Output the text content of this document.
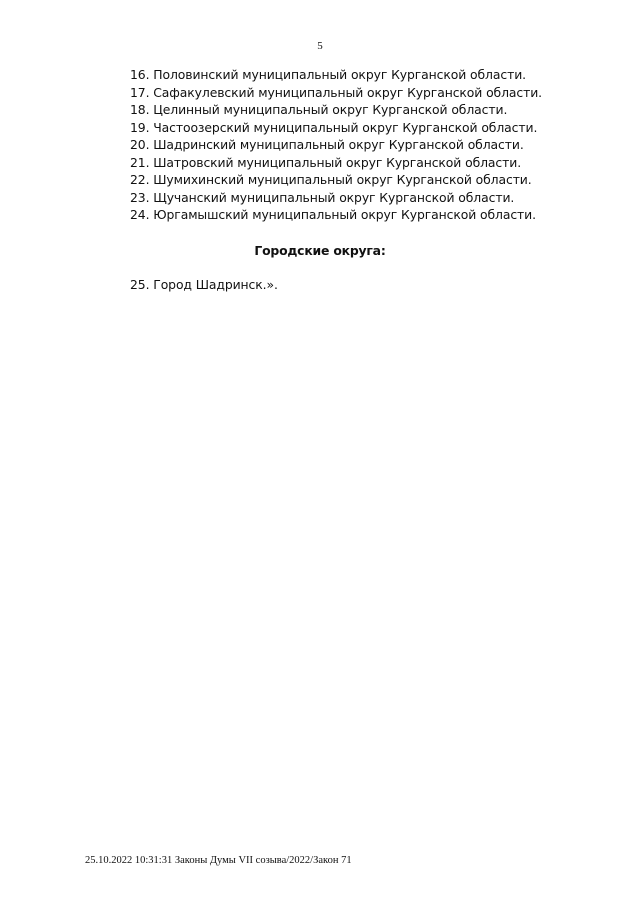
5
16. Половинский муниципальный округ Курганской области.
17. Сафакулевский муниципальный округ Курганской области.
18. Целинный муниципальный округ Курганской области.
19. Частоозерский муниципальный округ Курганской области.
20. Шадринский муниципальный округ Курганской области.
21. Шатровский муниципальный округ Курганской области.
22. Шумихинский муниципальный округ Курганской области.
23. Щучанский муниципальный округ Курганской области.
24. Юргамышский муниципальный округ Курганской области.
Городские округа:
25. Город Шадринск.».
25.10.2022 10:31:31 Законы Думы VII созыва/2022/Закон 71
